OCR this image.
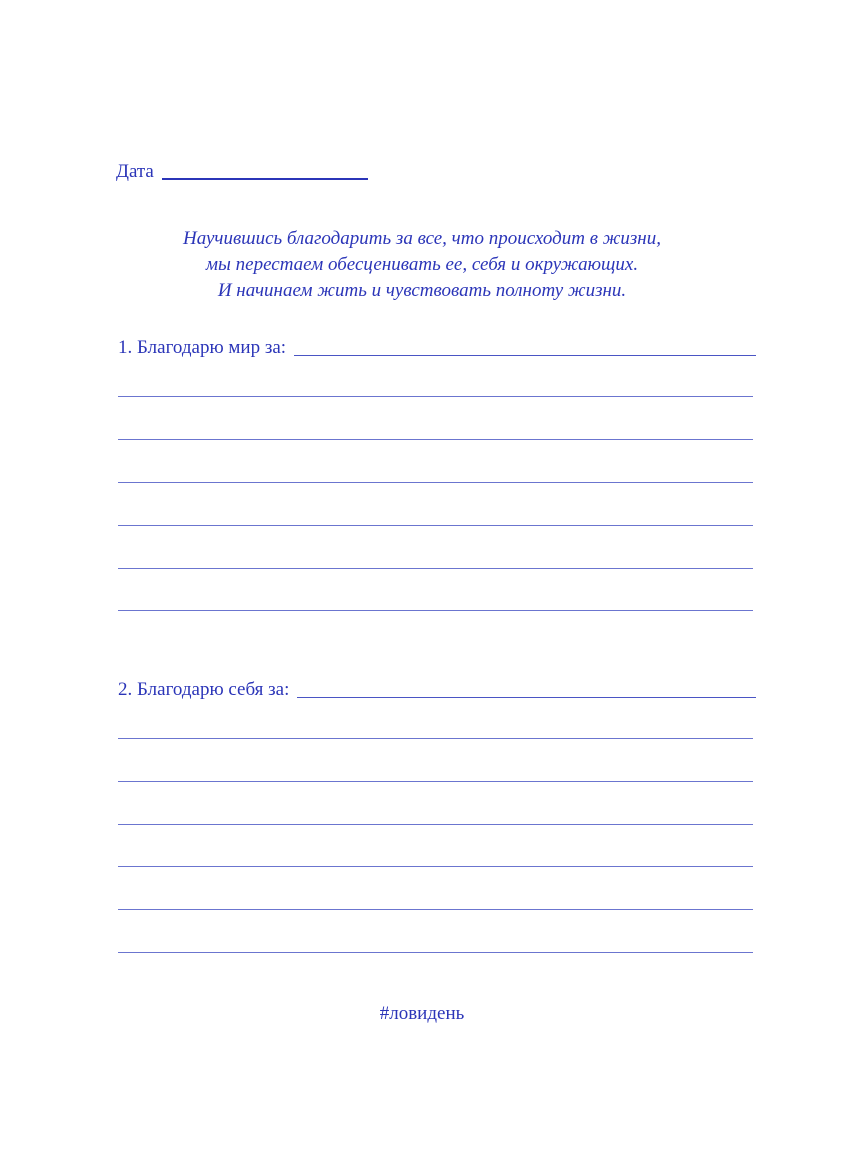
Дата
Научившись благодарить за все, что происходит в жизни,
мы перестаем обесценивать ее, себя и окружающих.
И начинаем жить и чувствовать полноту жизни.
1. Благодарю мир за:
2. Благодарю себя за:
#ловидень
